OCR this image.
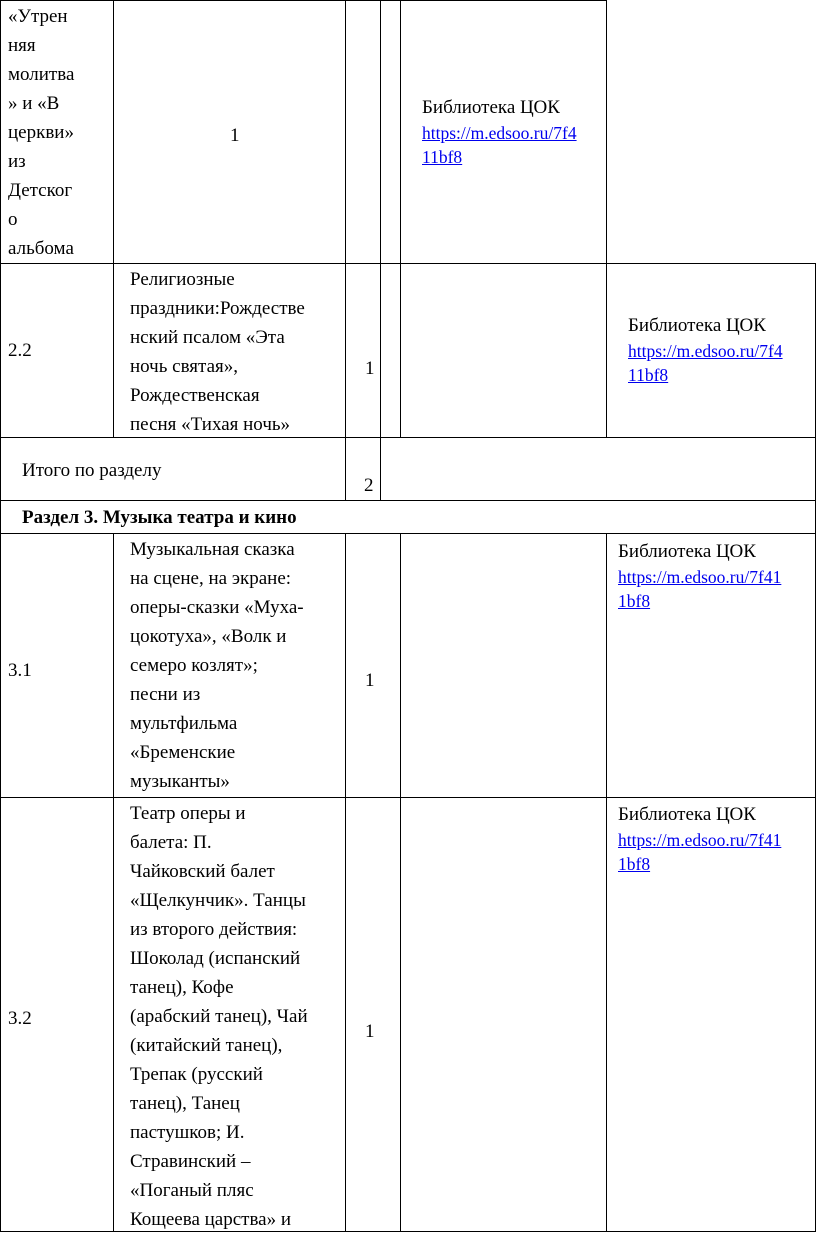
«Утрен
няя
молитва
» и «В
церкви»
из
Детског
о
альбома
1
Библиотека ЦОК
https://m.edsoo.ru/7f4
11bf8
2.2
Религиозные
праздники:Рождестве
нский псалом «Эта
ночь святая»,
Рождественская
песня «Тихая ночь»
1
Библиотека ЦОК
https://m.edsoo.ru/7f4
11bf8
Итого по разделу
2
Раздел 3. Музыка театра и кино
3.1
Музыкальная сказка
на сцене, на экране:
оперы-сказки «Муха-
цокотуха», «Волк и
семеро козлят»;
песни из
мультфильма
«Бременские
музыканты»
1
Библиотека ЦОК
https://m.edsoo.ru/7f41
1bf8
3.2
Театр оперы и
балета: П.
Чайковский балет
«Щелкунчик». Танцы
из второго действия:
Шоколад (испанский
танец), Кофе
(арабский танец), Чай
(китайский танец),
Трепак (русский
танец), Танец
пастушков; И.
Стравинский –
«Поганый пляс
Кощеева царства» и
1
Библиотека ЦОК
https://m.edsoo.ru/7f41
1bf8
